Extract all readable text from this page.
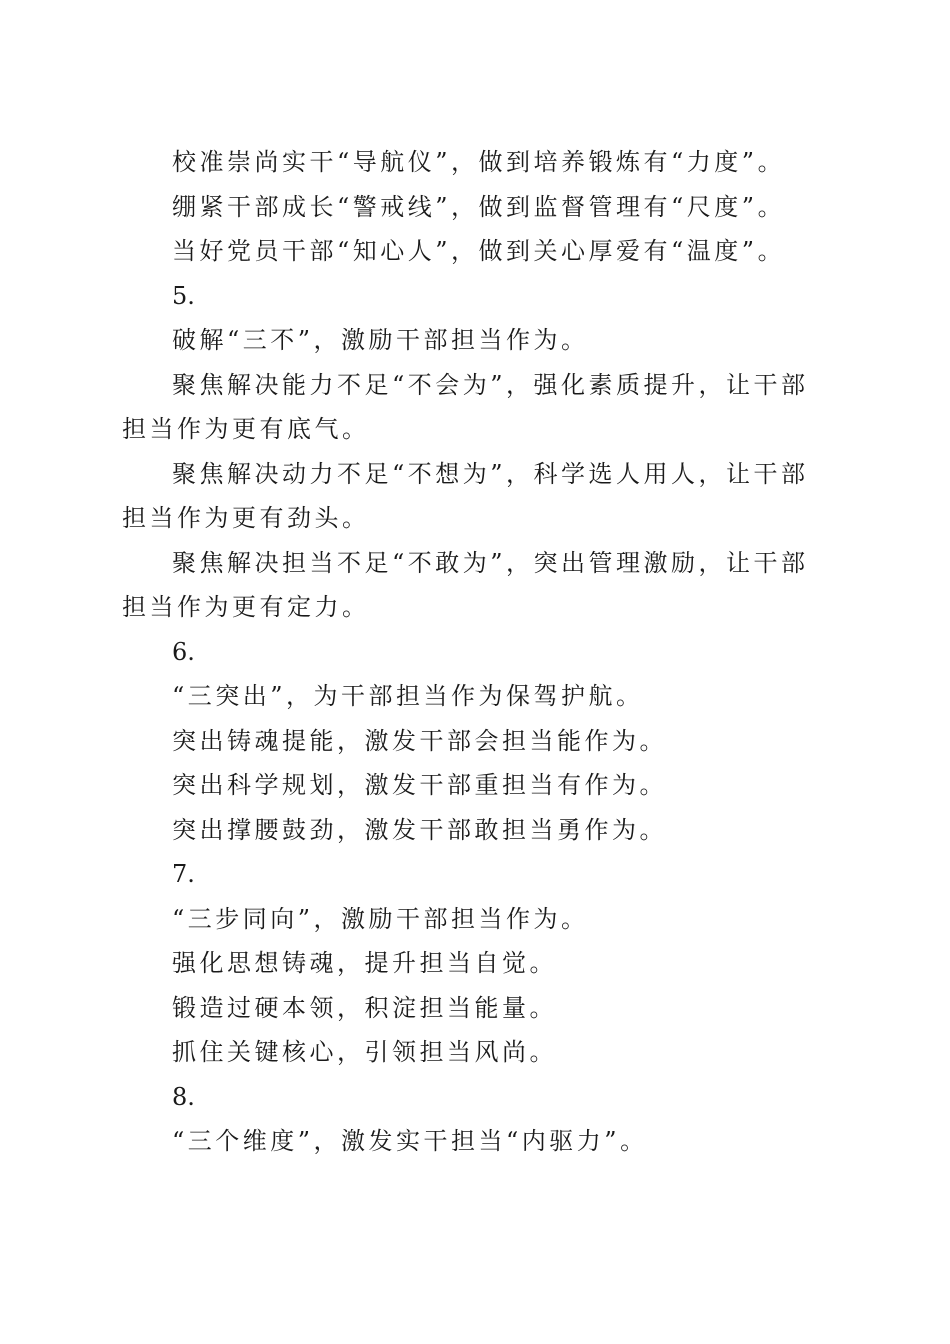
校准崇尚实干“导航仪”，做到培养锻炼有“力度”。

绷紧干部成长“警戒线”，做到监督管理有“尺度”。

当好党员干部“知心人”，做到关心厚爱有“温度”。

5.

破解“三不”，激励干部担当作为。

聚焦解决能力不足“不会为”，强化素质提升，让干部担当作为更有底气。

聚焦解决动力不足“不想为”，科学选人用人，让干部担当作为更有劲头。

聚焦解决担当不足“不敢为”，突出管理激励，让干部担当作为更有定力。

6.

“三突出”，为干部担当作为保驾护航。

突出铸魂提能，激发干部会担当能作为。

突出科学规划，激发干部重担当有作为。

突出撑腰鼓劲，激发干部敢担当勇作为。

7.

“三步同向”，激励干部担当作为。

强化思想铸魂，提升担当自觉。

锻造过硬本领，积淀担当能量。

抓住关键核心，引领担当风尚。

8.

“三个维度”，激发实干担当“内驱力”。
